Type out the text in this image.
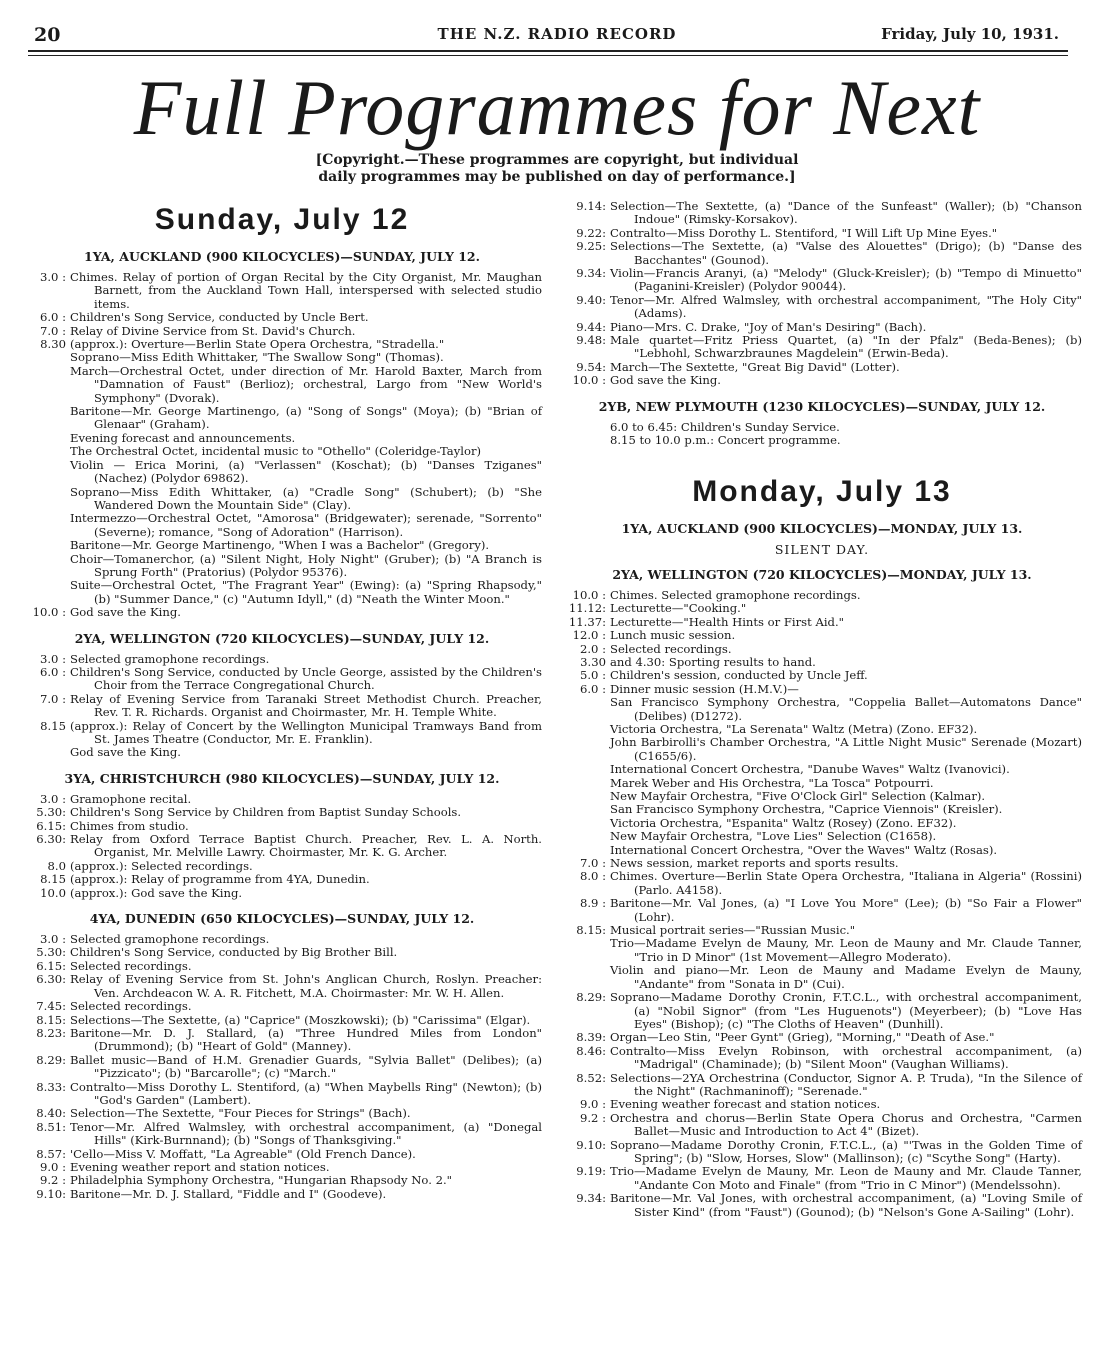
20	THE N.Z. RADIO RECORD	Friday, July 10, 1931.
Full Programmes for Next
[Copyright.—These programmes are copyright, but individual
daily programmes may be published on day of performance.]
Sunday, July 12
1YA, AUCKLAND (900 KILOCYCLES)—SUNDAY, JULY 12.
3.0 : Chimes. Relay of portion of Organ Recital by the City Organist, Mr. Maughan Barnett, from the Auckland Town Hall, interspersed with selected studio items.
6.0 : Children's Song Service, conducted by Uncle Bert.
7.0 : Relay of Divine Service from St. David's Church.
8.30 (approx.): Overture—Berlin State Opera Orchestra, "Stradella."
Soprano—Miss Edith Whittaker, "The Swallow Song" (Thomas).
March—Orchestral Octet, under direction of Mr. Harold Baxter, March from "Damnation of Faust" (Berlioz); orchestral, Largo from "New World's Symphony" (Dvorak).
Baritone—Mr. George Martinengo, (a) "Song of Songs" (Moya); (b) "Brian of Glenaar" (Graham).
Evening forecast and announcements.
The Orchestral Octet, incidental music to "Othello" (Coleridge-Taylor)
Violin — Erica Morini, (a) "Verlassen" (Koschat); (b) "Danses Tziganes" (Nachez) (Polydor 69862).
Soprano—Miss Edith Whittaker, (a) "Cradle Song" (Schubert); (b) "She Wandered Down the Mountain Side" (Clay).
Intermezzo—Orchestral Octet, "Amorosa" (Bridgewater); serenade, "Sorrento" (Severne); romance, "Song of Adoration" (Harrison).
Baritone—Mr. George Martinengo, "When I was a Bachelor" (Gregory).
Choir—Tomanerchor, (a) "Silent Night, Holy Night" (Gruber); (b) "A Branch is Sprung Forth" (Pratorius) (Polydor 95376).
Suite—Orchestral Octet, "The Fragrant Year" (Ewing): (a) "Spring Rhapsody," (b) "Summer Dance," (c) "Autumn Idyll," (d) "Neath the Winter Moon."
10.0 : God save the King.
2YA, WELLINGTON (720 KILOCYCLES)—SUNDAY, JULY 12.
3.0 : Selected gramophone recordings.
6.0 : Children's Song Service, conducted by Uncle George, assisted by the Children's Choir from the Terrace Congregational Church.
7.0 : Relay of Evening Service from Taranaki Street Methodist Church. Preacher, Rev. T. R. Richards. Organist and Choirmaster, Mr. H. Temple White.
8.15 (approx.): Relay of Concert by the Wellington Municipal Tramways Band from St. James Theatre (Conductor, Mr. E. Franklin).
God save the King.
3YA, CHRISTCHURCH (980 KILOCYCLES)—SUNDAY, JULY 12.
3.0 : Gramophone recital.
5.30: Children's Song Service by Children from Baptist Sunday Schools.
6.15: Chimes from studio.
6.30: Relay from Oxford Terrace Baptist Church. Preacher, Rev. L. A. North. Organist, Mr. Melville Lawry. Choirmaster, Mr. K. G. Archer.
8.0 (approx.): Selected recordings.
8.15 (approx.): Relay of programme from 4YA, Dunedin.
10.0 (approx.): God save the King.
4YA, DUNEDIN (650 KILOCYCLES)—SUNDAY, JULY 12.
3.0 : Selected gramophone recordings.
5.30: Children's Song Service, conducted by Big Brother Bill.
6.15: Selected recordings.
6.30: Relay of Evening Service from St. John's Anglican Church, Roslyn. Preacher: Ven. Archdeacon W. A. R. Fitchett, M.A. Choirmaster: Mr. W. H. Allen.
7.45: Selected recordings.
8.15: Selections—The Sextette, (a) "Caprice" (Moszkowski); (b) "Carissima" (Elgar).
8.23: Baritone—Mr. D. J. Stallard, (a) "Three Hundred Miles from London" (Drummond); (b) "Heart of Gold" (Manney).
8.29: Ballet music—Band of H.M. Grenadier Guards, "Sylvia Ballet" (Delibes); (a) "Pizzicato"; (b) "Barcarolle"; (c) "March."
8.33: Contralto—Miss Dorothy L. Stentiford, (a) "When Maybells Ring" (Newton); (b) "God's Garden" (Lambert).
8.40: Selection—The Sextette, "Four Pieces for Strings" (Bach).
8.51: Tenor—Mr. Alfred Walmsley, with orchestral accompaniment, (a) "Donegal Hills" (Kirk-Burnnand); (b) "Songs of Thanksgiving."
8.57: 'Cello—Miss V. Moffatt, "La Agreable" (Old French Dance).
9.0 : Evening weather report and station notices.
9.2 : Philadelphia Symphony Orchestra, "Hungarian Rhapsody No. 2."
9.10: Baritone—Mr. D. J. Stallard, "Fiddle and I" (Goodeve).
9.14: Selection—The Sextette, (a) "Dance of the Sunfeast" (Waller); (b) "Chanson Indoue" (Rimsky-Korsakov).
9.22: Contralto—Miss Dorothy L. Stentiford, "I Will Lift Up Mine Eyes."
9.25: Selections—The Sextette, (a) "Valse des Alouettes" (Drigo); (b) "Danse des Bacchantes" (Gounod).
9.34: Violin—Francis Aranyi, (a) "Melody" (Gluck-Kreisler); (b) "Tempo di Minuetto" (Paganini-Kreisler) (Polydor 90044).
9.40: Tenor—Mr. Alfred Walmsley, with orchestral accompaniment, "The Holy City" (Adams).
9.44: Piano—Mrs. C. Drake, "Joy of Man's Desiring" (Bach).
9.48: Male quartet—Fritz Priess Quartet, (a) "In der Pfalz" (Beda-Benes); (b) "Lebhohl, Schwarzbraunes Magdelein" (Erwin-Beda).
9.54: March—The Sextette, "Great Big David" (Lotter).
10.0 : God save the King.
2YB, NEW PLYMOUTH (1230 KILOCYCLES)—SUNDAY, JULY 12.
6.0 to 6.45: Children's Sunday Service.
8.15 to 10.0 p.m.: Concert programme.
Monday, July 13
1YA, AUCKLAND (900 KILOCYCLES)—MONDAY, JULY 13.
SILENT DAY.
2YA, WELLINGTON (720 KILOCYCLES)—MONDAY, JULY 13.
10.0 : Chimes. Selected gramophone recordings.
11.12: Lecturette—"Cooking."
11.37: Lecturette—"Health Hints or First Aid."
12.0 : Lunch music session.
2.0 : Selected recordings.
3.30 and 4.30: Sporting results to hand.
5.0 : Children's session, conducted by Uncle Jeff.
6.0 : Dinner music session (H.M.V.)—
San Francisco Symphony Orchestra, "Coppelia Ballet—Automatons Dance" (Delibes) (D1272).
Victoria Orchestra, "La Serenata" Waltz (Metra) (Zono. EF32).
John Barbirolli's Chamber Orchestra, "A Little Night Music" Serenade (Mozart) (C1655/6).
International Concert Orchestra, "Danube Waves" Waltz (Ivanovici).
Marek Weber and His Orchestra, "La Tosca" Potpourri.
New Mayfair Orchestra, "Five O'Clock Girl" Selection (Kalmar).
San Francisco Symphony Orchestra, "Caprice Viennois" (Kreisler).
Victoria Orchestra, "Espanita" Waltz (Rosey) (Zono. EF32).
New Mayfair Orchestra, "Love Lies" Selection (C1658).
International Concert Orchestra, "Over the Waves" Waltz (Rosas).
7.0 : News session, market reports and sports results.
8.0 : Chimes. Overture—Berlin State Opera Orchestra, "Italiana in Algeria" (Rossini) (Parlo. A4158).
8.9 : Baritone—Mr. Val Jones, (a) "I Love You More" (Lee); (b) "So Fair a Flower" (Lohr).
8.15: Musical portrait series—"Russian Music."
Trio—Madame Evelyn de Mauny, Mr. Leon de Mauny and Mr. Claude Tanner, "Trio in D Minor" (1st Movement—Allegro Moderato).
Violin and piano—Mr. Leon de Mauny and Madame Evelyn de Mauny, "Andante" from "Sonata in D" (Cui).
8.29: Soprano—Madame Dorothy Cronin, F.T.C.L., with orchestral accompaniment, (a) "Nobil Signor" (from "Les Huguenots") (Meyerbeer); (b) "Love Has Eyes" (Bishop); (c) "The Cloths of Heaven" (Dunhill).
8.39: Organ—Leo Stin, "Peer Gynt" (Grieg), "Morning," "Death of Ase."
8.46: Contralto—Miss Evelyn Robinson, with orchestral accompaniment, (a) "Madrigal" (Chaminade); (b) "Silent Moon" (Vaughan Williams).
8.52: Selections—2YA Orchestrina (Conductor, Signor A. P. Truda), "In the Silence of the Night" (Rachmaninoff); "Serenade."
9.0 : Evening weather forecast and station notices.
9.2 : Orchestra and chorus—Berlin State Opera Chorus and Orchestra, "Carmen Ballet—Music and Introduction to Act 4" (Bizet).
9.10: Soprano—Madame Dorothy Cronin, F.T.C.L., (a) "'Twas in the Golden Time of Spring"; (b) "Slow, Horses, Slow" (Mallinson); (c) "Scythe Song" (Harty).
9.19: Trio—Madame Evelyn de Mauny, Mr. Leon de Mauny and Mr. Claude Tanner, "Andante Con Moto and Finale" (from "Trio in C Minor") (Mendelssohn).
9.34: Baritone—Mr. Val Jones, with orchestral accompaniment, (a) "Loving Smile of Sister Kind" (from "Faust") (Gounod); (b) "Nelson's Gone A-Sailing" (Lohr).
